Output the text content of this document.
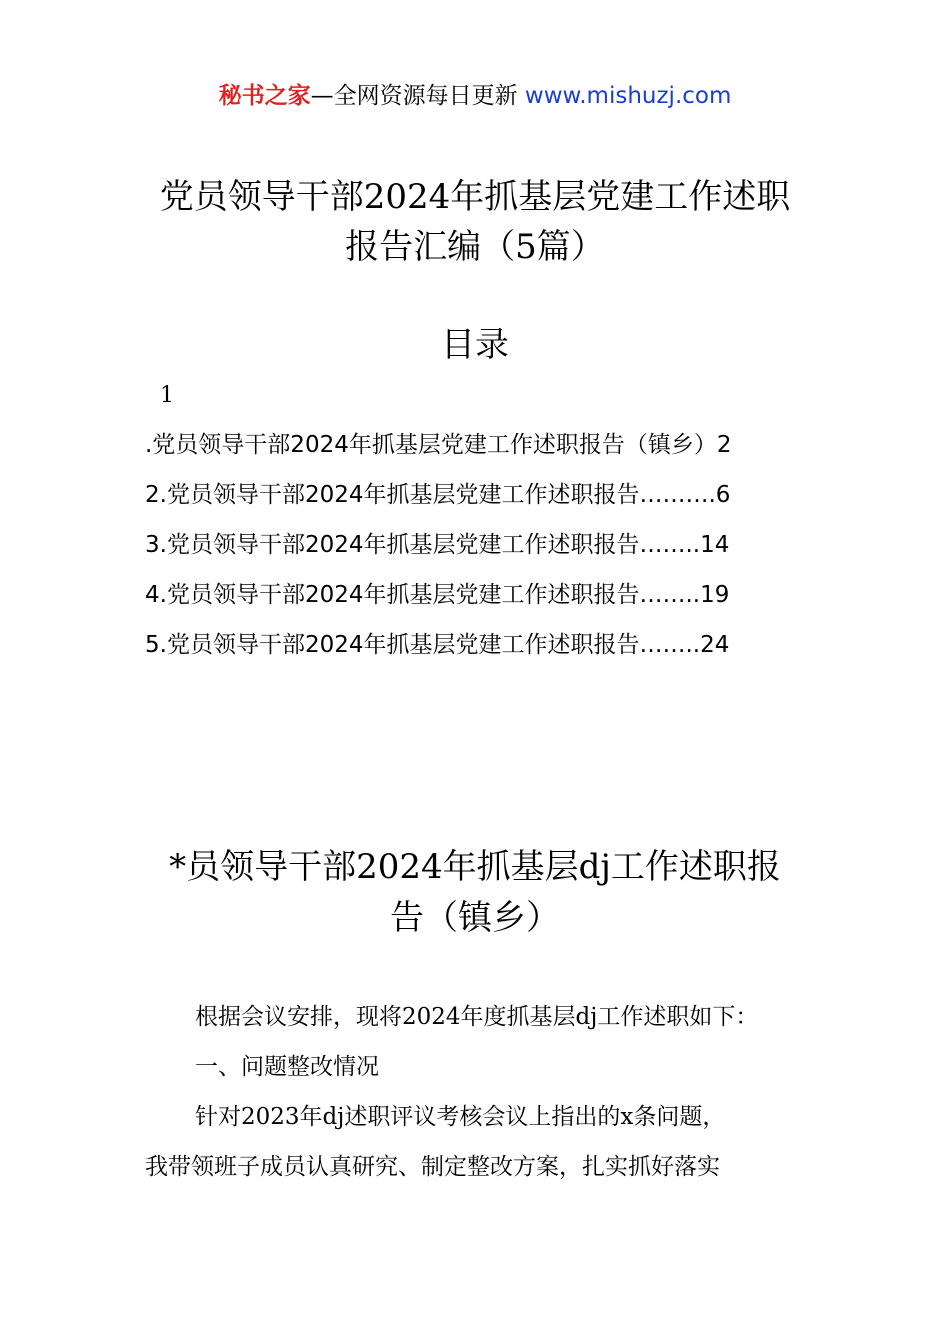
秘书之家—全网资源每日更新 www.mishuzj.com
党员领导干部2024年抓基层党建工作述职
报告汇编（5篇）
目录
1
.党员领导干部2024年抓基层党建工作述职报告（镇乡）2
2.党员领导干部2024年抓基层党建工作述职报告……….6
3.党员领导干部2024年抓基层党建工作述职报告……..14
4.党员领导干部2024年抓基层党建工作述职报告……..19
5.党员领导干部2024年抓基层党建工作述职报告……..24
*员领导干部2024年抓基层dj工作述职报
告（镇乡）
根据会议安排，现将2024年度抓基层dj工作述职如下：
一、问题整改情况
针对2023年dj述职评议考核会议上指出的x条问题，
我带领班子成员认真研究、制定整改方案，扎实抓好落实
